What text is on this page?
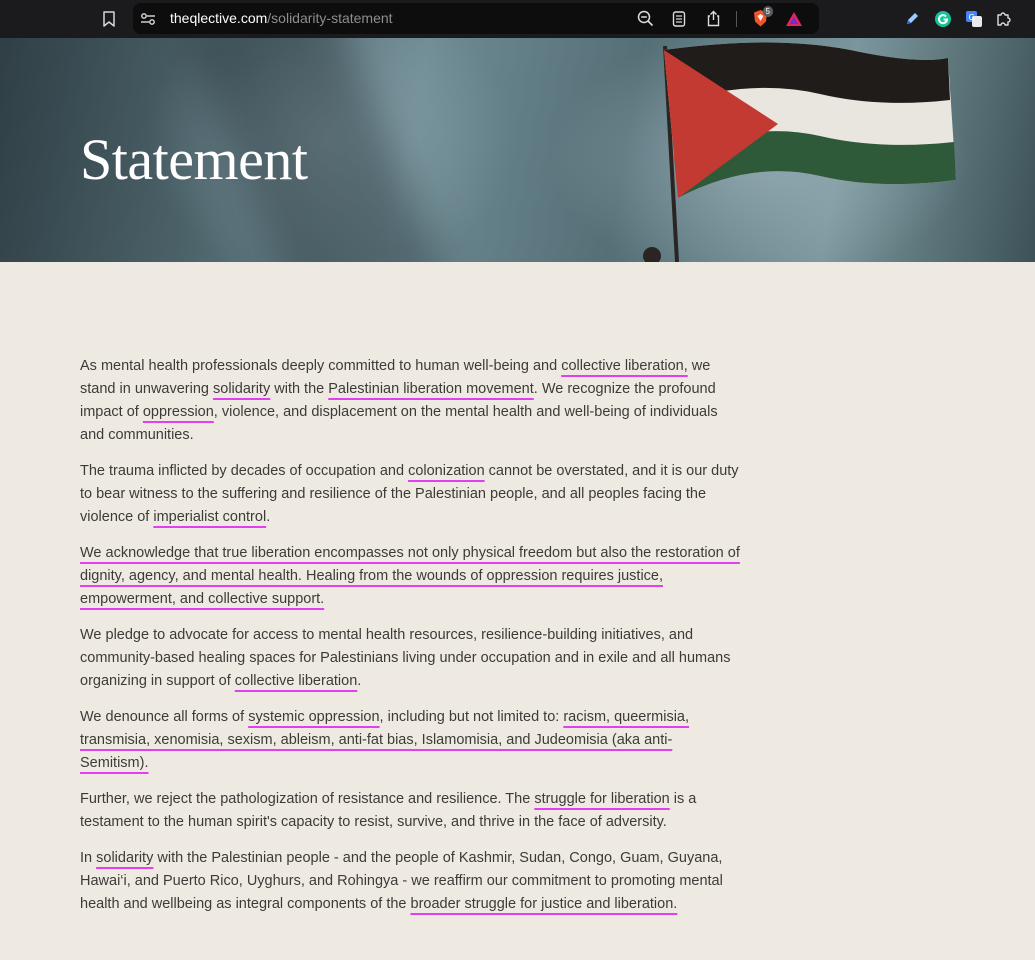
theqlective.com/solidarity-statement	5
G
Statement

As mental health professionals deeply committed to human well-being and collective liberation, we stand in unwavering solidarity with the Palestinian liberation movement. We recognize the profound impact of oppression, violence, and displacement on the mental health and well-being of individuals and communities.

The trauma inflicted by decades of occupation and colonization cannot be overstated, and it is our duty to bear witness to the suffering and resilience of the Palestinian people, and all peoples facing the violence of imperialist control.

We acknowledge that true liberation encompasses not only physical freedom but also the restoration of dignity, agency, and mental health. Healing from the wounds of oppression requires justice, empowerment, and collective support.

We pledge to advocate for access to mental health resources, resilience-building initiatives, and community-based healing spaces for Palestinians living under occupation and in exile and all humans organizing in support of collective liberation.

We denounce all forms of systemic oppression, including but not limited to: racism, queermisia, transmisia, xenomisia, sexism, ableism, anti-fat bias, Islamomisia, and Judeomisia (aka anti-Semitism).

Further, we reject the pathologization of resistance and resilience. The struggle for liberation is a testament to the human spirit's capacity to resist, survive, and thrive in the face of adversity.

In solidarity with the Palestinian people - and the people of Kashmir, Sudan, Congo, Guam, Guyana, Hawai‘i, and Puerto Rico, Uyghurs, and Rohingya - we reaffirm our commitment to promoting mental health and wellbeing as integral components of the broader struggle for justice and liberation.
